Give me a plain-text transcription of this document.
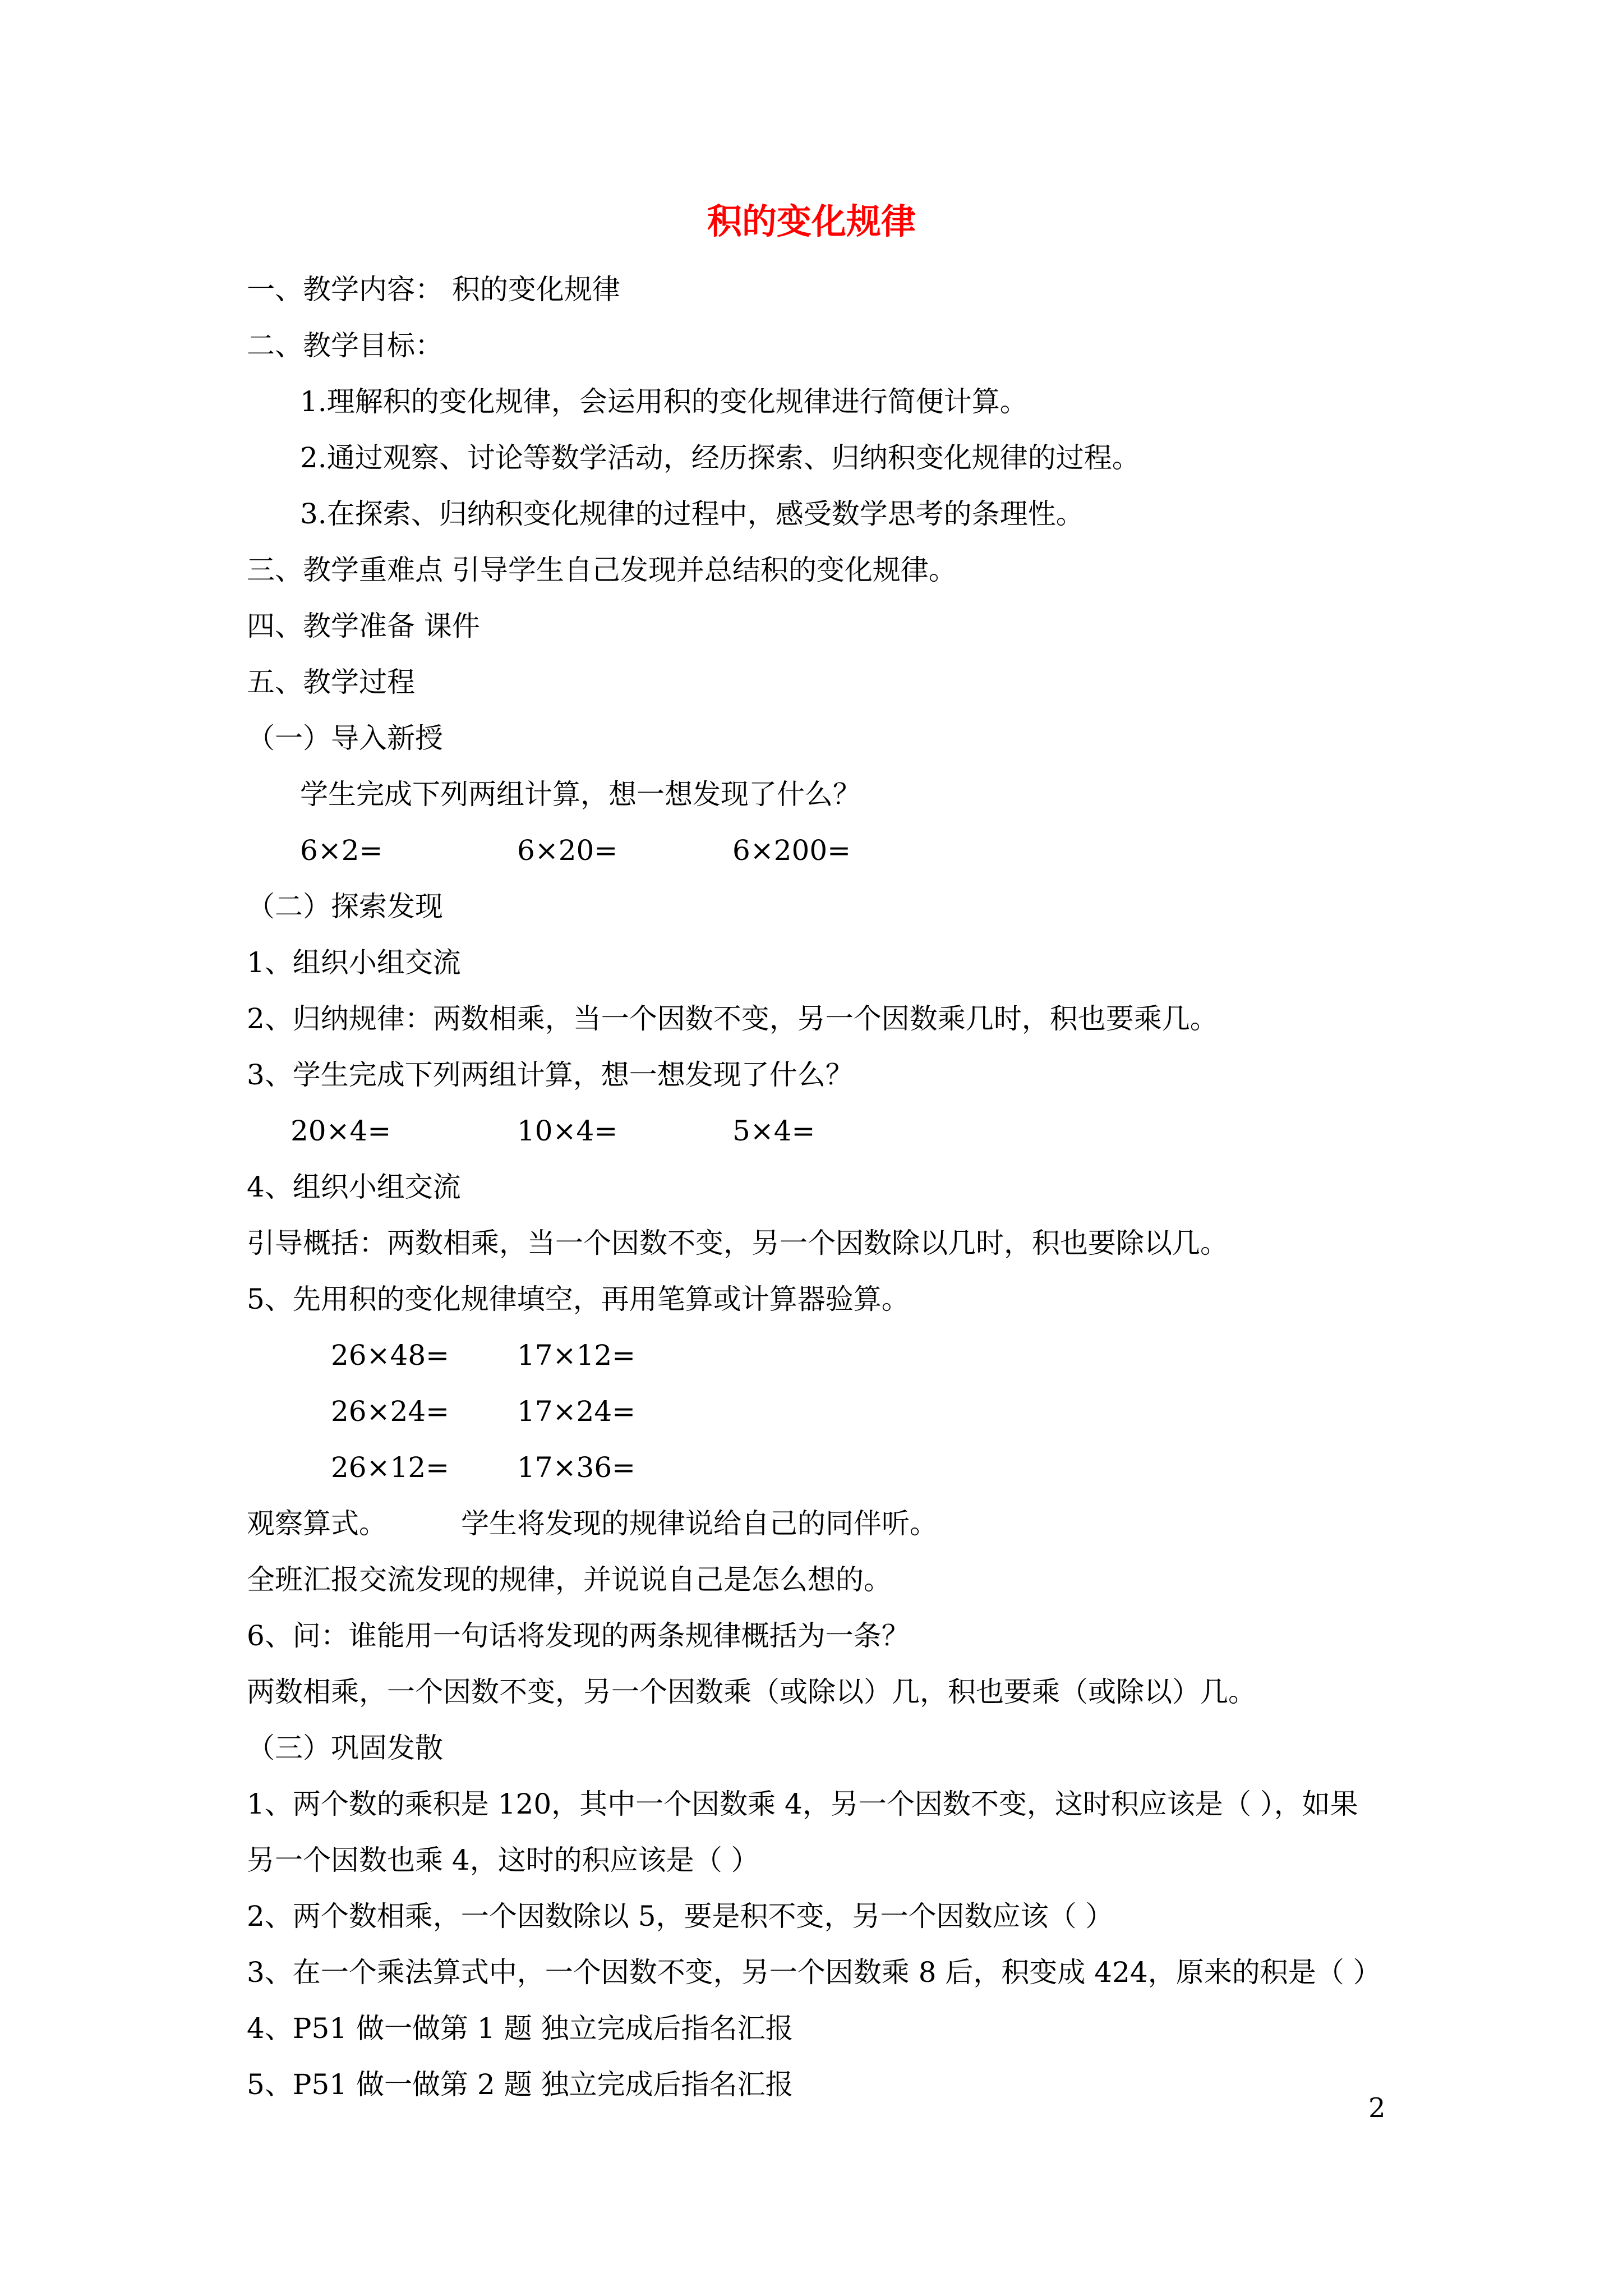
积的变化规律
一、教学内容： 积的变化规律
二、教学目标：
1.理解积的变化规律，会运用积的变化规律进行简便计算。
2.通过观察、讨论等数学活动，经历探索、归纳积变化规律的过程。
3.在探索、归纳积变化规律的过程中，感受数学思考的条理性。
三、教学重难点 引导学生自己发现并总结积的变化规律。
四、教学准备 课件
五、教学过程
（一）导入新授
学生完成下列两组计算，想一想发现了什么？
6×2=	6×20=	6×200=
（二）探索发现
1、组织小组交流
2、归纳规律：两数相乘，当一个因数不变，另一个因数乘几时，积也要乘几。
3、学生完成下列两组计算，想一想发现了什么？
20×4=	10×4=	5×4=
4、组织小组交流
引导概括：两数相乘，当一个因数不变，另一个因数除以几时，积也要除以几。
5、先用积的变化规律填空，再用笔算或计算器验算。
26×48= 17×12=
26×24= 17×24=
26×12= 17×36=
观察算式。	学生将发现的规律说给自己的同伴听。
全班汇报交流发现的规律，并说说自己是怎么想的。
6、问：谁能用一句话将发现的两条规律概括为一条？
两数相乘，一个因数不变，另一个因数乘（或除以）几，积也要乘（或除以）几。
（三）巩固发散
1、两个数的乘积是 120，其中一个因数乘 4，另一个因数不变，这时积应该是（ ），如果
另一个因数也乘 4，这时的积应该是（ ）
2、两个数相乘，一个因数除以 5，要是积不变，另一个因数应该（ ）
3、在一个乘法算式中，一个因数不变，另一个因数乘 8 后，积变成 424，原来的积是（ ）
4、P51 做一做第 1 题 独立完成后指名汇报
5、P51 做一做第 2 题 独立完成后指名汇报
2
